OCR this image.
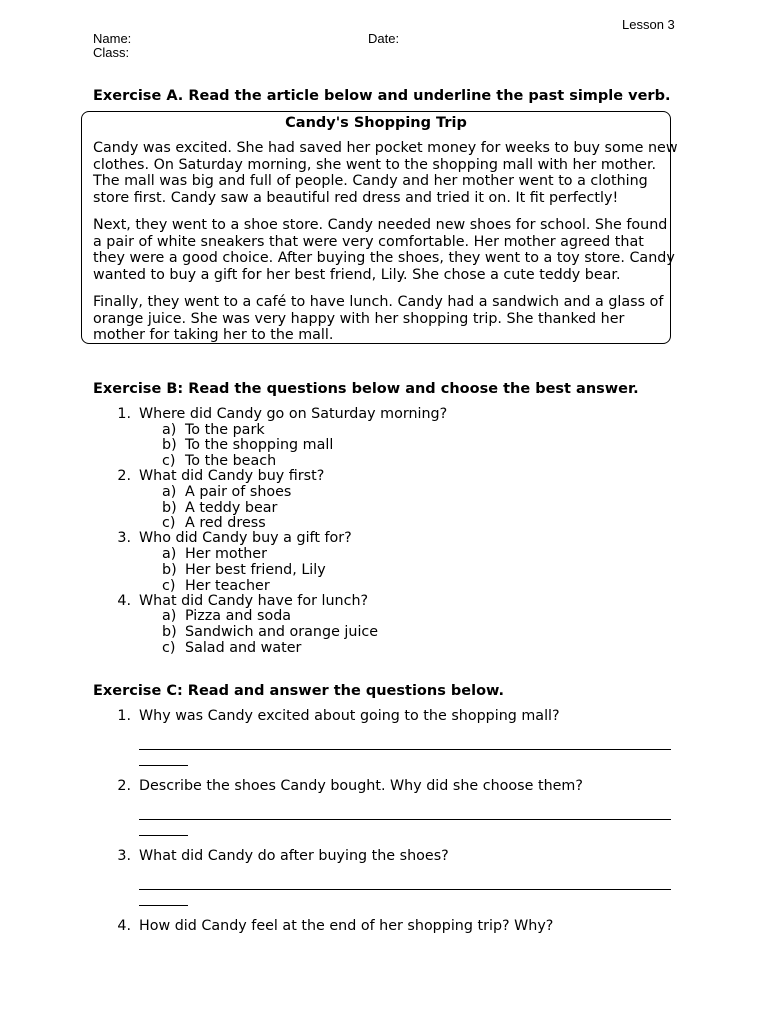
Lesson 3
Name:	Date:
Class:
Exercise A. Read the article below and underline the past simple verb.
Candy's Shopping Trip
Candy was excited. She had saved her pocket money for weeks to buy some new
clothes. On Saturday morning, she went to the shopping mall with her mother.
The mall was big and full of people. Candy and her mother went to a clothing
store first. Candy saw a beautiful red dress and tried it on. It fit perfectly!
Next, they went to a shoe store. Candy needed new shoes for school. She found
a pair of white sneakers that were very comfortable. Her mother agreed that
they were a good choice. After buying the shoes, they went to a toy store. Candy
wanted to buy a gift for her best friend, Lily. She chose a cute teddy bear.
Finally, they went to a café to have lunch. Candy had a sandwich and a glass of
orange juice. She was very happy with her shopping trip. She thanked her
mother for taking her to the mall.
Exercise B: Read the questions below and choose the best answer.
1. Where did Candy go on Saturday morning?
a) To the park
b) To the shopping mall
c) To the beach
2. What did Candy buy first?
a) A pair of shoes
b) A teddy bear
c) A red dress
3. Who did Candy buy a gift for?
a) Her mother
b) Her best friend, Lily
c) Her teacher
4. What did Candy have for lunch?
a) Pizza and soda
b) Sandwich and orange juice
c) Salad and water
Exercise C: Read and answer the questions below.
1. Why was Candy excited about going to the shopping mall?
2. Describe the shoes Candy bought. Why did she choose them?
3. What did Candy do after buying the shoes?
4. How did Candy feel at the end of her shopping trip? Why?
